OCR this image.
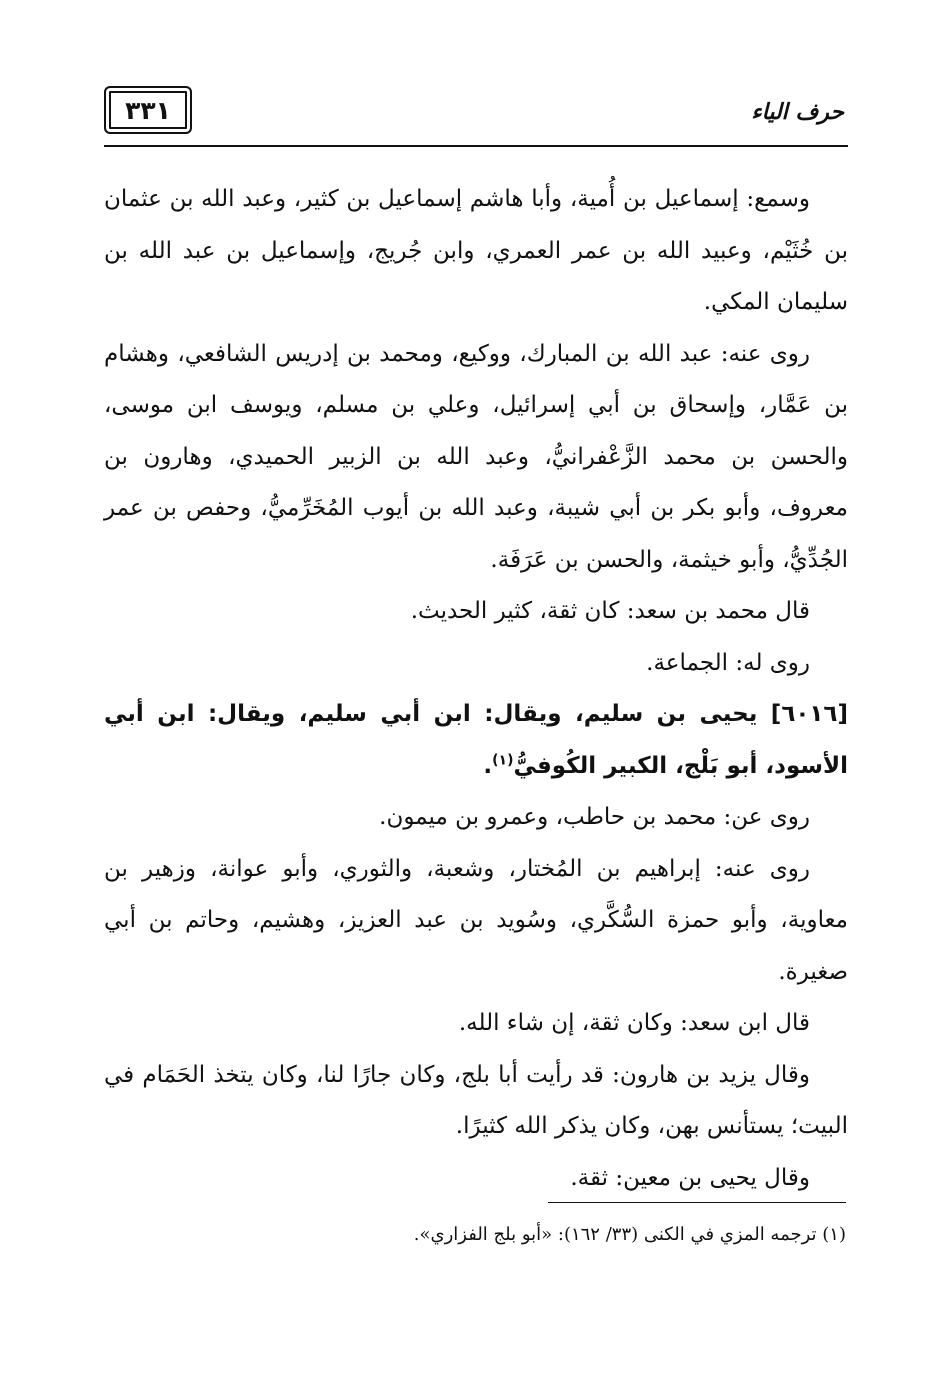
٣٣١	حرف الياء

وسمع: إسماعيل بن أُمية، وأبا هاشم إسماعيل بن كثير، وعبد الله بن عثمان بن خُثَيْم، وعبيد الله بن عمر العمري، وابن جُريج، وإسماعيل بن عبد الله بن سليمان المكي.

روى عنه: عبد الله بن المبارك، ووكيع، ومحمد بن إدريس الشافعي، وهشام بن عَمَّار، وإسحاق بن أبي إسرائيل، وعلي بن مسلم، ويوسف ابن موسى، والحسن بن محمد الزَّعْفرانيُّ، وعبد الله بن الزبير الحميدي، وهارون بن معروف، وأبو بكر بن أبي شيبة، وعبد الله بن أيوب المُخَرِّميُّ، وحفص بن عمر الجُدِّيُّ، وأبو خيثمة، والحسن بن عَرَفَة.

قال محمد بن سعد: كان ثقة، كثير الحديث.

روى له: الجماعة.

[٦٠١٦] يحيى بن سليم، ويقال: ابن أبي سليم، ويقال: ابن أبي الأسود، أبو بَلْج، الكبير الكُوفيُّ$^{(١)}$.

روى عن: محمد بن حاطب، وعمرو بن ميمون.

روى عنه: إبراهيم بن المُختار، وشعبة، والثوري، وأبو عوانة، وزهير بن معاوية، وأبو حمزة السُّكَّري، وسُويد بن عبد العزيز، وهشيم، وحاتم بن أبي صغيرة.

قال ابن سعد: وكان ثقة، إن شاء الله.

وقال يزيد بن هارون: قد رأيت أبا بلج، وكان جارًا لنا، وكان يتخذ الحَمَام في البيت؛ يستأنس بهن، وكان يذكر الله كثيرًا.

وقال يحيى بن معين: ثقة.

(١) ترجمه المزي في الكنى (٣٣/ ١٦٢): «أبو بلج الفزاري».
